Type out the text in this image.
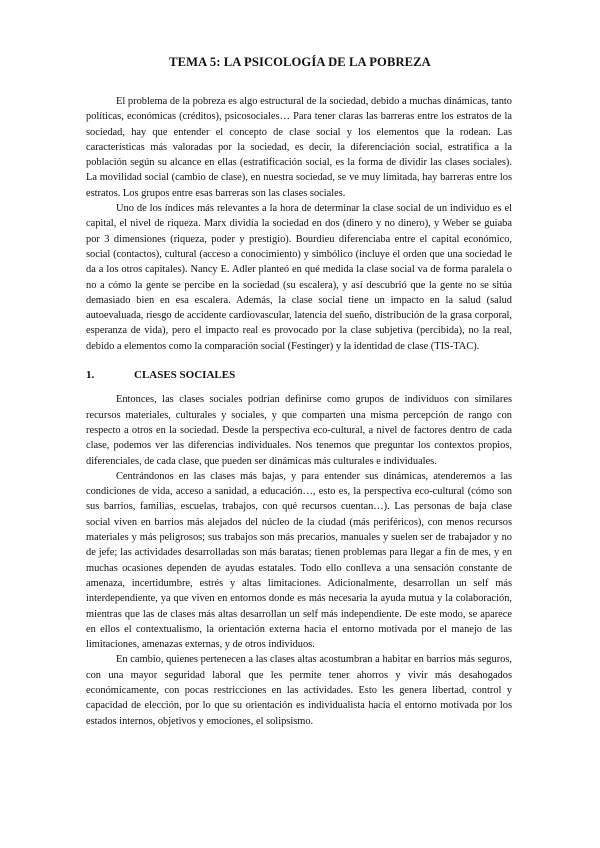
TEMA 5: LA PSICOLOGÍA DE LA POBREZA

El problema de la pobreza es algo estructural de la sociedad, debido a muchas dinámicas, tanto políticas, económicas (créditos), psicosociales… Para tener claras las barreras entre los estratos de la sociedad, hay que entender el concepto de clase social y los elementos que la rodean. Las características más valoradas por la sociedad, es decir, la diferenciación social, estratifica a la población según su alcance en ellas (estratificación social, es la forma de dividir las clases sociales). La movilidad social (cambio de clase), en nuestra sociedad, se ve muy limitada, hay barreras entre los estratos. Los grupos entre esas barreras son las clases sociales.

Uno de los índices más relevantes a la hora de determinar la clase social de un individuo es el capital, el nivel de riqueza. Marx dividía la sociedad en dos (dinero y no dinero), y Weber se guiaba por 3 dimensiones (riqueza, poder y prestigio). Bourdieu diferenciaba entre el capital económico, social (contactos), cultural (acceso a conocimiento) y simbólico (incluye el orden que una sociedad le da a los otros capitales). Nancy E. Adler planteó en qué medida la clase social va de forma paralela o no a cómo la gente se percibe en la sociedad (su escalera), y así descubrió que la gente no se sitúa demasiado bien en esa escalera. Además, la clase social tiene un impacto en la salud (salud autoevaluada, riesgo de accidente cardiovascular, latencia del sueño, distribución de la grasa corporal, esperanza de vida), pero el impacto real es provocado por la clase subjetiva (percibida), no la real, debido a elementos como la comparación social (Festinger) y la identidad de clase (TIS-TAC).

1.	CLASES SOCIALES

Entonces, las clases sociales podrían definirse como grupos de individuos con similares recursos materiales, culturales y sociales, y que comparten una misma percepción de rango con respecto a otros en la sociedad. Desde la perspectiva eco-cultural, a nivel de factores dentro de cada clase, podemos ver las diferencias individuales. Nos tenemos que preguntar los contextos propios, diferenciales, de cada clase, que pueden ser dinámicas más culturales e individuales.

Centrándonos en las clases más bajas, y para entender sus dinámicas, atenderemos a las condiciones de vida, acceso a sanidad, a educación…, esto es, la perspectiva eco-cultural (cómo son sus barrios, familias, escuelas, trabajos, con qué recursos cuentan…). Las personas de baja clase social viven en barrios más alejados del núcleo de la ciudad (más periféricos), con menos recursos materiales y más peligrosos; sus trabajos son más precarios, manuales y suelen ser de trabajador y no de jefe; las actividades desarrolladas son más baratas; tienen problemas para llegar a fin de mes, y en muchas ocasiones dependen de ayudas estatales. Todo ello conlleva a una sensación constante de amenaza, incertidumbre, estrés y altas limitaciones. Adicionalmente, desarrollan un self más interdependiente, ya que viven en entornos donde es más necesaria la ayuda mutua y la colaboración, mientras que las de clases más altas desarrollan un self más independiente. De este modo, se aparece en ellos el contextualismo, la orientación externa hacia el entorno motivada por el manejo de las limitaciones, amenazas externas, y de otros individuos.

En cambio, quienes pertenecen a las clases altas acostumbran a habitar en barrios más seguros, con una mayor seguridad laboral que les permite tener ahorros y vivir más desahogados económicamente, con pocas restricciones en las actividades. Esto les genera libertad, control y capacidad de elección, por lo que su orientación es individualista hacia el entorno motivada por los estados internos, objetivos y emociones, el solipsismo.
